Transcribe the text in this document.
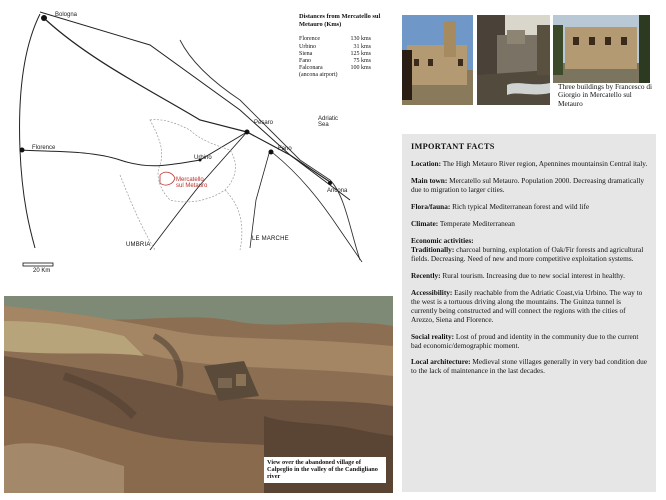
Bologna
Florence
Pesaro
Fano
Ancona
Urbino
Mercatello
sul Metauro
Adriatic
Sea
UMBRIA
LE MARCHE
20 Km
Distances from Mercatello sul Metauro (Kms)
Florence	130 kms
Urbino	31 kms
Siena	125 kms
Fano	75 kms
Falconara	100 kms
(ancona airport)
Three buildings by Francesco di Giorgio in Mercatello sul Metauro
IMPORTANT FACTS
Location: The High Metauro River region, Apennines mountainsin Central italy.
Main town: Mercatello sul Metauro. Population 2000. Decreasing dramatically due to migration to larger cities.
Flora/fauna: Rich typical Mediterranean forest and wild life
Climate: Temperate Mediterranean
Economic activities:
Traditionally: charcoal burning, explotation of Oak/Fir forests and agricultural fields. Decreasing. Need of new and more competitive exploitation systems.
Recently: Rural tourism. Increasing due to new social interest in healthy.
Accessibility: Easily reachable from the Adriatic Coast,via Urbino. The way to the west is a tortuous driving along the mountains. The Guinza tunnel is currently being constructed and will connect the regions with the cities of Arezzo, Siena and Florence.
Social reality: Lost of proud and identity in the community due to the current bad economic/demographic moment.
Local architecture: Medieval stone villages generally in very bad condition due to the lack of maintenance in the last decades.
View over the abandoned village of Calpeglio in the valley of the Candigliano river
